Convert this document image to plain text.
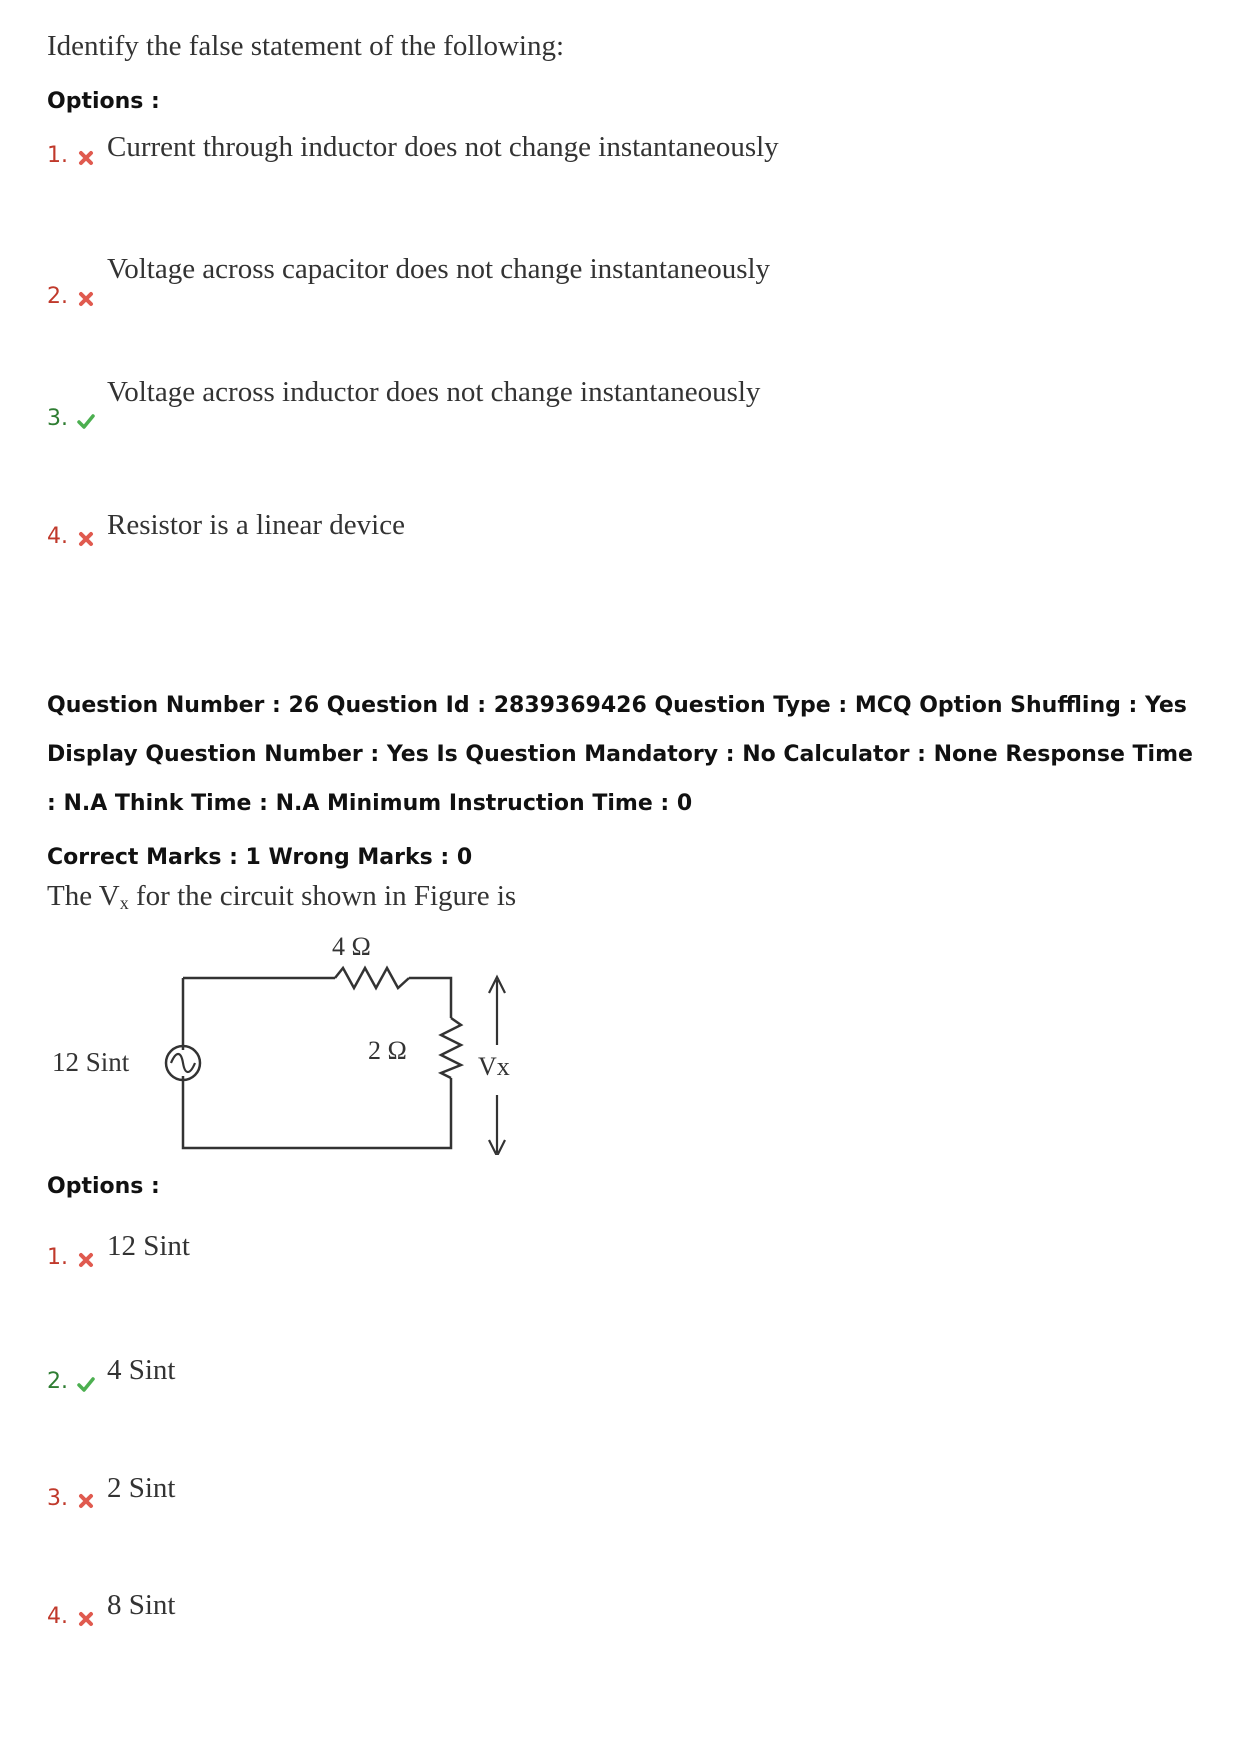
Identify the false statement of the following:
Options :
1.	Current through inductor does not change instantaneously
2.
Voltage across capacitor does not change instantaneously
3.
Voltage across inductor does not change instantaneously
4.	Resistor is a linear device
Question Number : 26 Question Id : 2839369426 Question Type : MCQ Option Shuffling : Yes Display Question Number : Yes Is Question Mandatory : No Calculator : None Response Time : N.A Think Time : N.A Minimum Instruction Time : 0
Correct Marks : 1 Wrong Marks : 0
The $V_x$ for the circuit shown in Figure is
12 Sint
4 Ω
2 Ω
Vx
Options :
1.	12 Sint
2.	4 Sint
3.	2 Sint
4.	8 Sint
